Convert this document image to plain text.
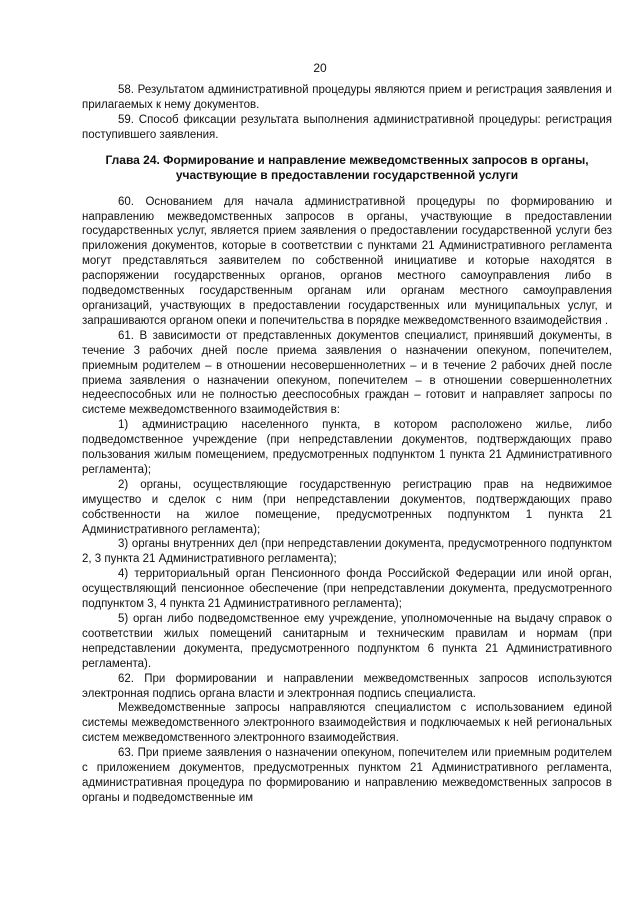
20

58. Результатом административной процедуры являются прием и регистрация заявления и прилагаемых к нему документов.

59. Способ фиксации результата выполнения административной процедуры: регистрация поступившего заявления.

Глава 24. Формирование и направление межведомственных запросов в органы, участвующие в предоставлении государственной услуги

60. Основанием для начала административной процедуры по формированию и направлению межведомственных запросов в органы, участвующие в предоставлении государственных услуг, является прием заявления о предоставлении государственной услуги без приложения документов, которые в соответствии с пунктами 21 Административного регламента могут представляться заявителем по собственной инициативе и которые находятся в распоряжении государственных органов, органов местного самоуправления либо в подведомственных государственным органам или органам местного самоуправления организаций, участвующих в предоставлении государственных или муниципальных услуг, и запрашиваются органом опеки и попечительства в порядке межведомственного взаимодействия .

61. В зависимости от представленных документов специалист, принявший документы, в течение 3 рабочих дней после приема заявления о назначении опекуном, попечителем, приемным родителем – в отношении несовершеннолетних – и в течение 2 рабочих дней после приема заявления о назначении опекуном, попечителем – в отношении совершеннолетних недееспособных или не полностью дееспособных граждан – готовит и направляет запросы по системе межведомственного взаимодействия в:

1) администрацию населенного пункта, в котором расположено жилье, либо подведомственное учреждение (при непредставлении документов, подтверждающих право пользования жилым помещением, предусмотренных подпунктом 1 пункта 21 Административного регламента);

2) органы, осуществляющие государственную регистрацию прав на недвижимое имущество и сделок с ним (при непредставлении документов, подтверждающих право собственности на жилое помещение, предусмотренных подпунктом 1 пункта 21 Административного регламента);

3) органы внутренних дел (при непредставлении документа, предусмотренного подпунктом 2, 3 пункта 21 Административного регламента);

4) территориальный орган Пенсионного фонда Российской Федерации или иной орган, осуществляющий пенсионное обеспечение (при непредставлении документа, предусмотренного подпунктом 3, 4 пункта 21 Административного регламента);

5) орган либо подведомственное ему учреждение, уполномоченные на выдачу справок о соответствии жилых помещений санитарным и техническим правилам и нормам (при непредставлении документа, предусмотренного подпунктом 6 пункта 21 Административного регламента).

62. При формировании и направлении межведомственных запросов используются электронная подпись органа власти и электронная подпись специалиста.

Межведомственные запросы направляются специалистом с использованием единой системы межведомственного электронного взаимодействия и подключаемых к ней региональных систем межведомственного электронного взаимодействия.

63. При приеме заявления о назначении опекуном, попечителем или приемным родителем с приложением документов, предусмотренных пунктом 21 Административного регламента, административная процедура по формированию и направлению межведомственных запросов в органы и подведомственные им
